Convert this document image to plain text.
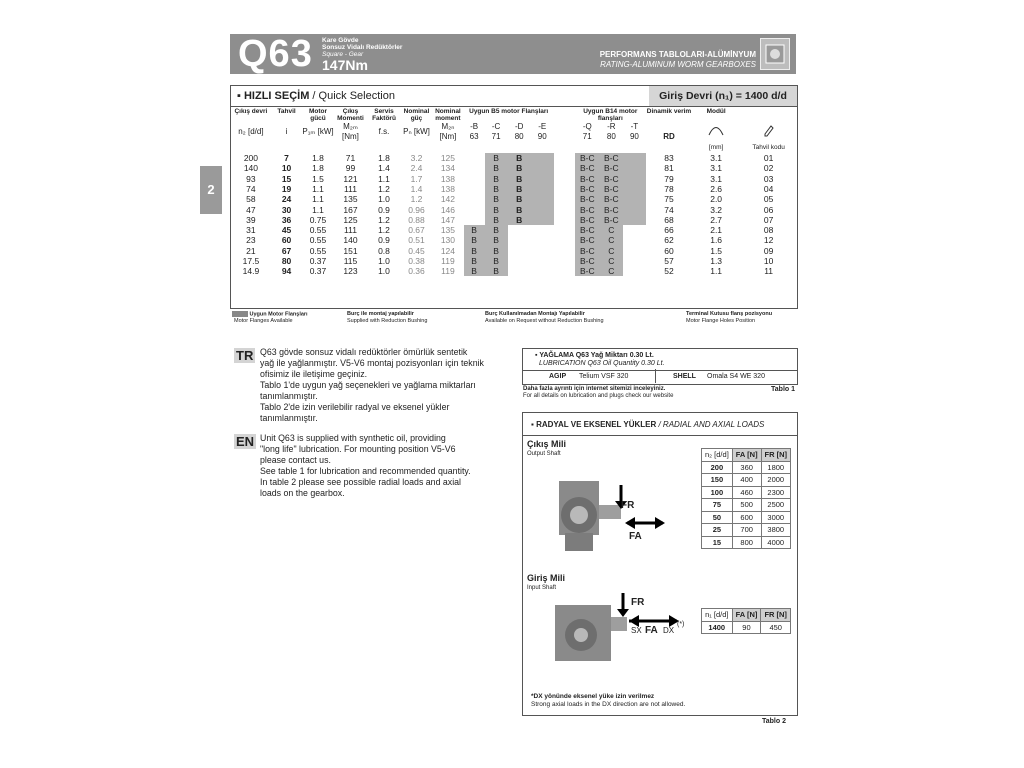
Q63 Kare Gövde
Sonsuz Vidalı Redüktörler
Square - Gear
147Nm
PERFORMANS TABLOLARI-ALÜMİNYUM
RATING-ALUMINUM WORM GEARBOXES
2
▪ HIZLI SEÇİM / Quick Selection	Giriş Devri (n₁) = 1400 d/d
Çıkış devri	Tahvil	Motor gücü	Çıkış Momenti	Servis Faktörü	Nominal güç	Nominal moment	Uygun B5 motor Flanşları					Uygun B14 motor flanşları			Dinamik verim	Modül	
n₂ [d/d]	i	P₁ₘ [kW]	M₂ₘ [Nm]	f.s.	Pₙ [kW]	M₂ₙ [Nm]	-B	-C	-D	-E		-Q	-R	-T			
							63	71	80	90		71	80	90	RD		
																[mm]	Tahvil kodu
200	7	1.8	71	1.8	3.2	125		B	B			B-C	B-C		83	3.1	01
140	10	1.8	99	1.4	2.4	134		B	B			B-C	B-C		81	3.1	02
93	15	1.5	121	1.1	1.7	138		B	B			B-C	B-C		79	3.1	03
74	19	1.1	111	1.2	1.4	138		B	B			B-C	B-C		78	2.6	04
58	24	1.1	135	1.0	1.2	142		B	B			B-C	B-C		75	2.0	05
47	30	1.1	167	0.9	0.96	146		B	B			B-C	B-C		74	3.2	06
39	36	0.75	125	1.2	0.88	147		B	B			B-C	B-C		68	2.7	07
31	45	0.55	111	1.2	0.67	135	B	B				B-C	C		66	2.1	08
23	60	0.55	140	0.9	0.51	130	B	B				B-C	C		62	1.6	12
21	67	0.55	151	0.8	0.45	124	B	B				B-C	C		60	1.5	09
17.5	80	0.37	115	1.0	0.38	119	B	B				B-C	C		57	1.3	10
14.9	94	0.37	123	1.0	0.36	119	B	B				B-C	C		52	1.1	11
Uygun Motor Flanşları
Motor Flanges Available
Burç ile montaj yapılabilir
Supplied with Reduction Bushing
Burç Kullanılmadan Montajı Yapılabilir
Available on Request without Reduction Bushing
Terminal Kutusu flanş pozisyonu
Motor Flange Holes Position
TR Q63 gövde sonsuz vidalı redüktörler ömürlük sentetik
yağ ile yağlanmıştır. V5-V6 montaj pozisyonları için teknik
ofisimiz ile iletişime geçiniz.
Tablo 1'de uygun yağ seçenekleri ve yağlama miktarları
tanımlanmıştır.
Tablo 2'de izin verilebilir radyal ve eksenel yükler
tanımlanmıştır.
EN Unit Q63 is supplied with synthetic oil, providing
"long life" lubrication. For mounting position V5-V6
please contact us.
See table 1 for lubrication and recommended quantity.
In table 2 please see possible radial loads and axial
loads on the gearbox.
▪ YAĞLAMA Q63 Yağ Miktarı 0.30 Lt.
LUBRICATION Q63 Oil Quantity 0.30 Lt.
AGIP Telium VSF 320	SHELL Omala S4 WE 320
Daha fazla ayrıntı için internet sitemizi inceleyiniz.
For all details on lubrication and plugs check our website
Tablo 1
▪ RADYAL VE EKSENEL YÜKLER / RADIAL AND AXIAL LOADS
Çıkış Mili
Output Shaft
FR
FA
n₂ [d/d]	FA [N]	FR [N]
200	360	1800
150	400	2000
100	460	2300
75	500	2500
50	600	3000
25	700	3800
15	800	4000
Giriş Mili
Input Shaft
FR
SX FA DX
(*)
n₁ [d/d]	FA [N]	FR [N]
1400	90	450
*DX yönünde eksenel yüke izin verilmez
Strong axial loads in the DX direction are not allowed.
Tablo 2
